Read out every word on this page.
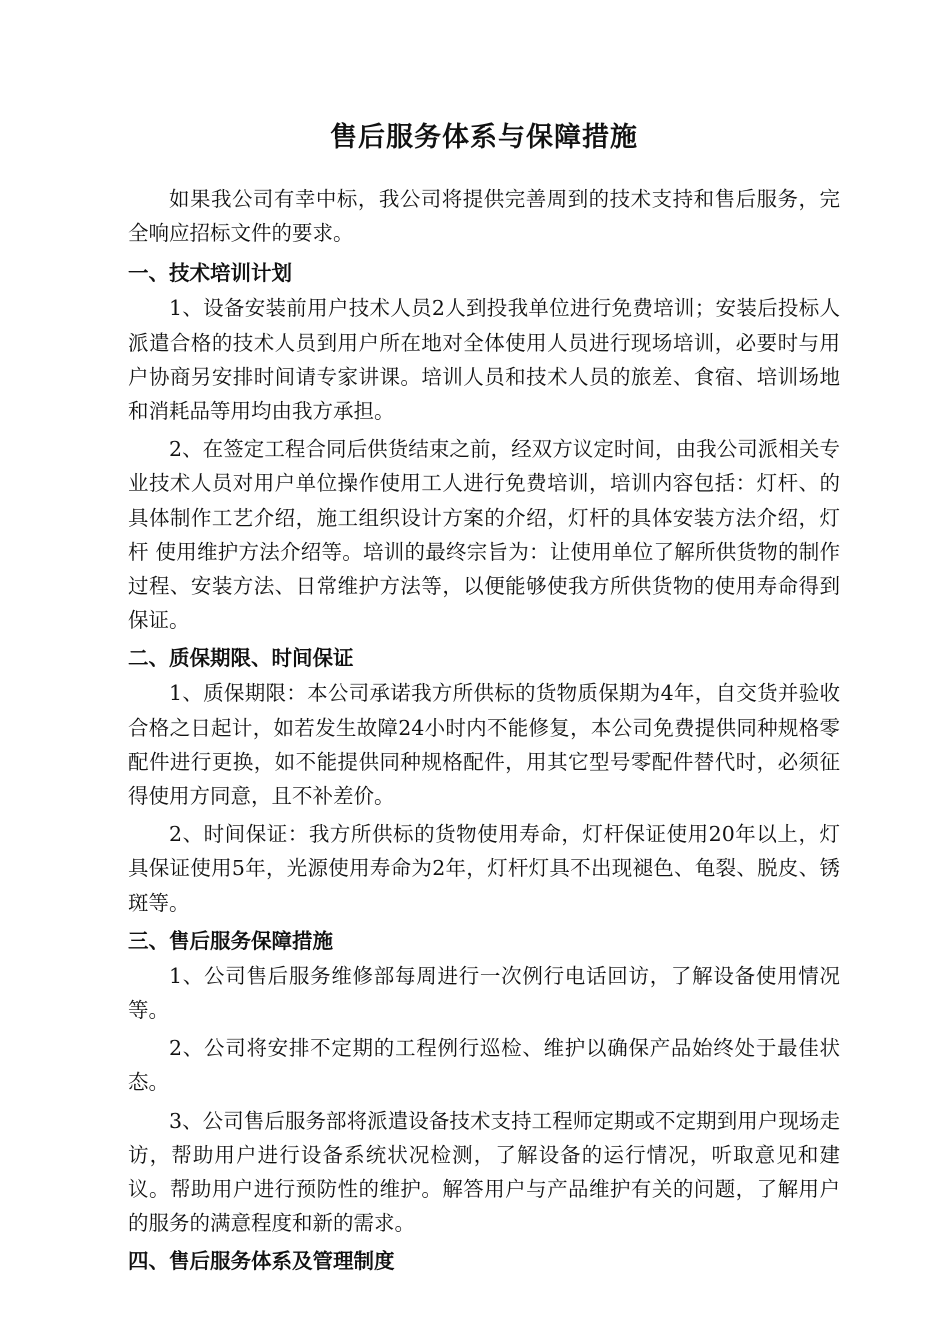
售后服务体系与保障措施

如果我公司有幸中标，我公司将提供完善周到的技术支持和售后服务，完全响应招标文件的要求。

一、技术培训计划

1、设备安装前用户技术人员2人到投我单位进行免费培训；安装后投标人派遣合格的技术人员到用户所在地对全体使用人员进行现场培训，必要时与用户协商另安排时间请专家讲课。培训人员和技术人员的旅差、食宿、培训场地和消耗品等用均由我方承担。

2、在签定工程合同后供货结束之前，经双方议定时间，由我公司派相关专业技术人员对用户单位操作使用工人进行免费培训，培训内容包括：灯杆、的具体制作工艺介绍，施工组织设计方案的介绍，灯杆的具体安装方法介绍，灯杆 使用维护方法介绍等。培训的最终宗旨为：让使用单位了解所供货物的制作过程、安装方法、日常维护方法等，以便能够使我方所供货物的使用寿命得到保证。

二、质保期限、时间保证

1、质保期限：本公司承诺我方所供标的货物质保期为4年，自交货并验收合格之日起计，如若发生故障24小时内不能修复，本公司免费提供同种规格零配件进行更换，如不能提供同种规格配件，用其它型号零配件替代时，必须征得使用方同意，且不补差价。

2、时间保证：我方所供标的货物使用寿命，灯杆保证使用20年以上，灯具保证使用5年，光源使用寿命为2年，灯杆灯具不出现褪色、龟裂、脱皮、锈斑等。

三、售后服务保障措施

1、公司售后服务维修部每周进行一次例行电话回访，了解设备使用情况等。

2、公司将安排不定期的工程例行巡检、维护以确保产品始终处于最佳状态。

3、公司售后服务部将派遣设备技术支持工程师定期或不定期到用户现场走访，帮助用户进行设备系统状况检测，了解设备的运行情况，听取意见和建议。帮助用户进行预防性的维护。解答用户与产品维护有关的问题，了解用户的服务的满意程度和新的需求。

四、售后服务体系及管理制度
